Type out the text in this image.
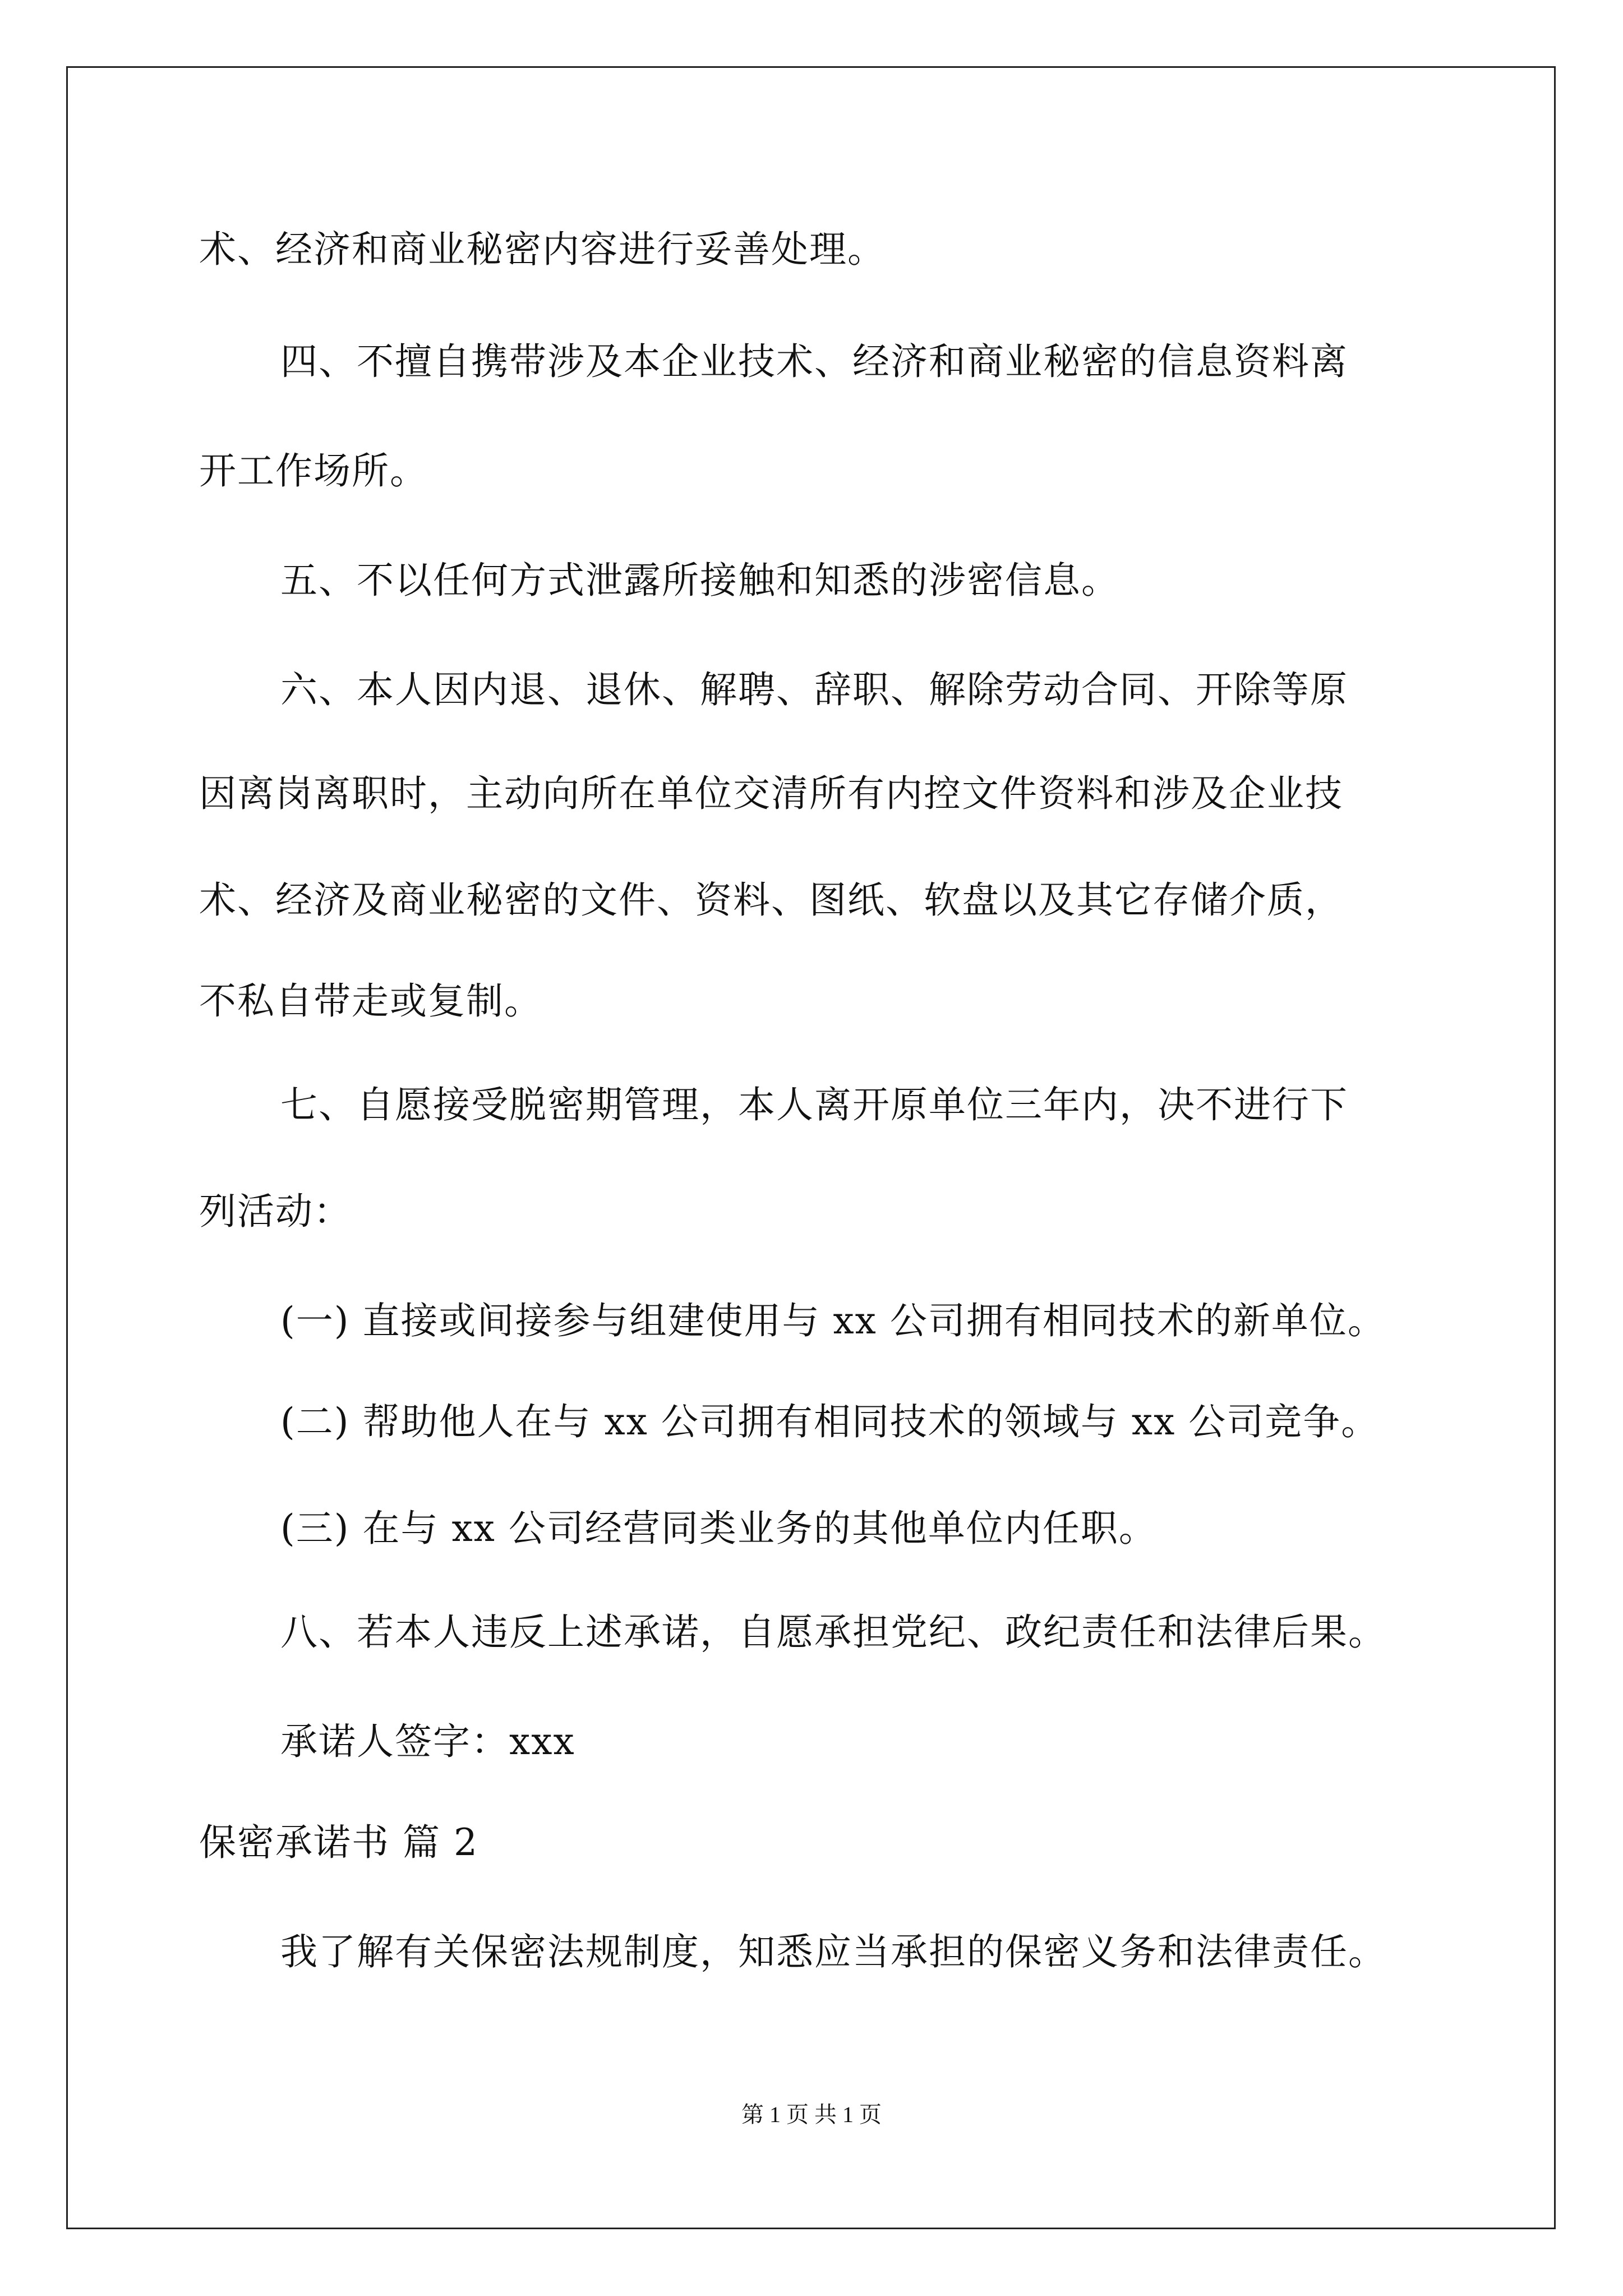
术、经济和商业秘密内容进行妥善处理。
四、不擅自携带涉及本企业技术、经济和商业秘密的信息资料离
开工作场所。
五、不以任何方式泄露所接触和知悉的涉密信息。
六、本人因内退、退休、解聘、辞职、解除劳动合同、开除等原
因离岗离职时，主动向所在单位交清所有内控文件资料和涉及企业技
术、经济及商业秘密的文件、资料、图纸、软盘以及其它存储介质，
不私自带走或复制。
七、自愿接受脱密期管理，本人离开原单位三年内，决不进行下
列活动：
(一) 直接或间接参与组建使用与 xx 公司拥有相同技术的新单位。
(二) 帮助他人在与 xx 公司拥有相同技术的领域与 xx 公司竞争。
(三) 在与 xx 公司经营同类业务的其他单位内任职。
八、若本人违反上述承诺，自愿承担党纪、政纪责任和法律后果。
承诺人签字：xxx
保密承诺书 篇 2
我了解有关保密法规制度，知悉应当承担的保密义务和法律责任。
第 1 页 共 1 页
